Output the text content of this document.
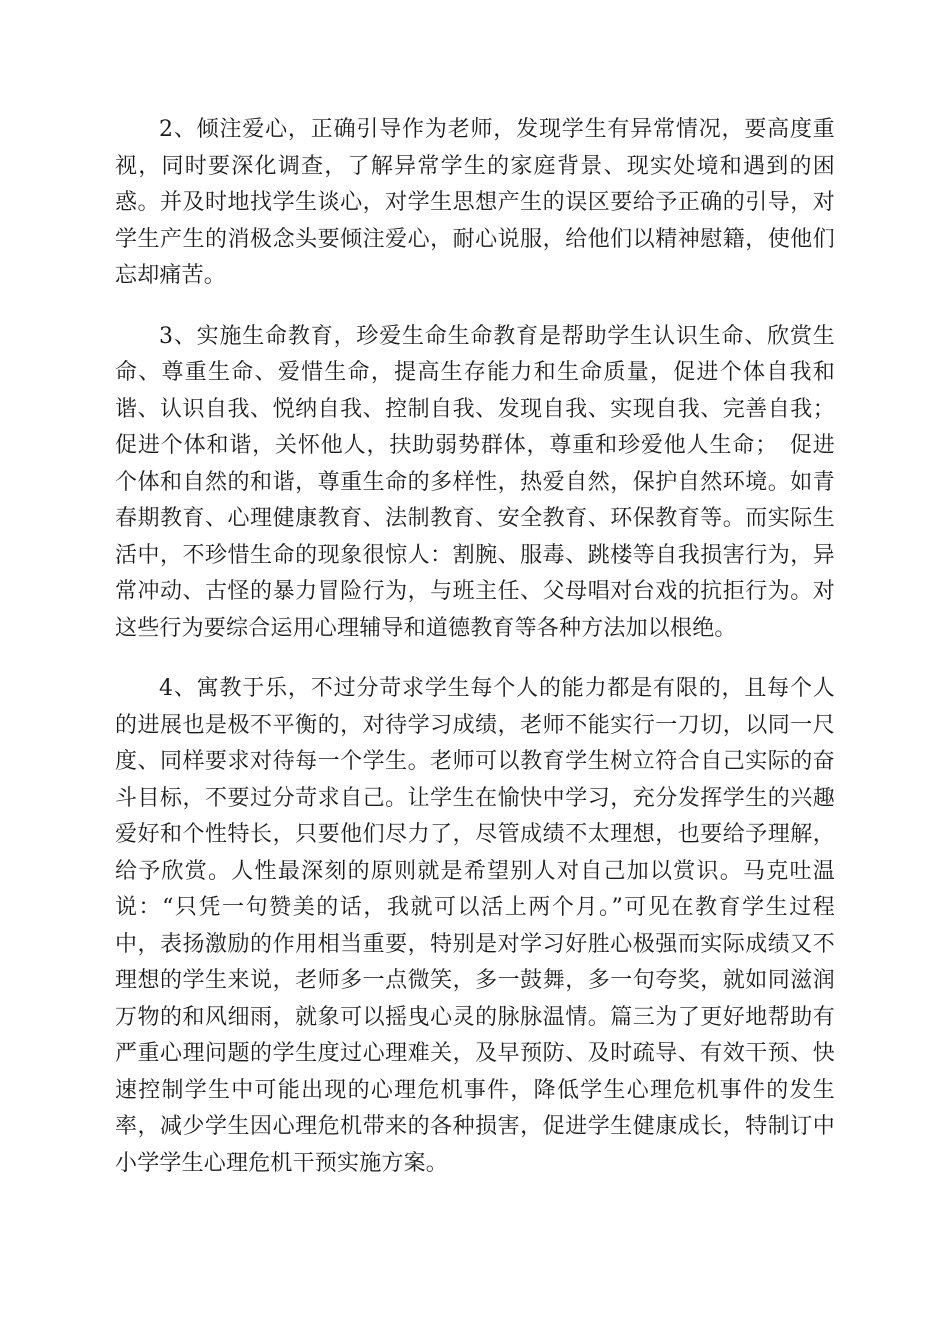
2、倾注爱心，正确引导作为老师，发现学生有异常情况，要高度重视，同时要深化调查，了解异常学生的家庭背景、现实处境和遇到的困惑。并及时地找学生谈心，对学生思想产生的误区要给予正确的引导，对学生产生的消极念头要倾注爱心，耐心说服，给他们以精神慰籍，使他们忘却痛苦。

3、实施生命教育，珍爱生命生命教育是帮助学生认识生命、欣赏生命、尊重生命、爱惜生命，提高生存能力和生命质量，促进个体自我和谐、认识自我、悦纳自我、控制自我、发现自我、实现自我、完善自我；促进个体和谐，关怀他人，扶助弱势群体，尊重和珍爱他人生命；　促进个体和自然的和谐，尊重生命的多样性，热爱自然，保护自然环境。如青春期教育、心理健康教育、法制教育、安全教育、环保教育等。而实际生活中，不珍惜生命的现象很惊人：割腕、服毒、跳楼等自我损害行为，异常冲动、古怪的暴力冒险行为，与班主任、父母唱对台戏的抗拒行为。对这些行为要综合运用心理辅导和道德教育等各种方法加以根绝。

4、寓教于乐，不过分苛求学生每个人的能力都是有限的，且每个人的进展也是极不平衡的，对待学习成绩，老师不能实行一刀切，以同一尺度、同样要求对待每一个学生。老师可以教育学生树立符合自己实际的奋斗目标，不要过分苛求自己。让学生在愉快中学习，充分发挥学生的兴趣爱好和个性特长，只要他们尽力了，尽管成绩不太理想，也要给予理解，给予欣赏。人性最深刻的原则就是希望别人对自己加以赏识。马克吐温说：“只凭一句赞美的话，我就可以活上两个月。”可见在教育学生过程中，表扬激励的作用相当重要，特别是对学习好胜心极强而实际成绩又不理想的学生来说，老师多一点微笑，多一鼓舞，多一句夸奖，就如同滋润万物的和风细雨，就象可以摇曳心灵的脉脉温情。篇三为了更好地帮助有严重心理问题的学生度过心理难关，及早预防、及时疏导、有效干预、快速控制学生中可能出现的心理危机事件，降低学生心理危机事件的发生率，减少学生因心理危机带来的各种损害，促进学生健康成长，特制订中小学学生心理危机干预实施方案。
